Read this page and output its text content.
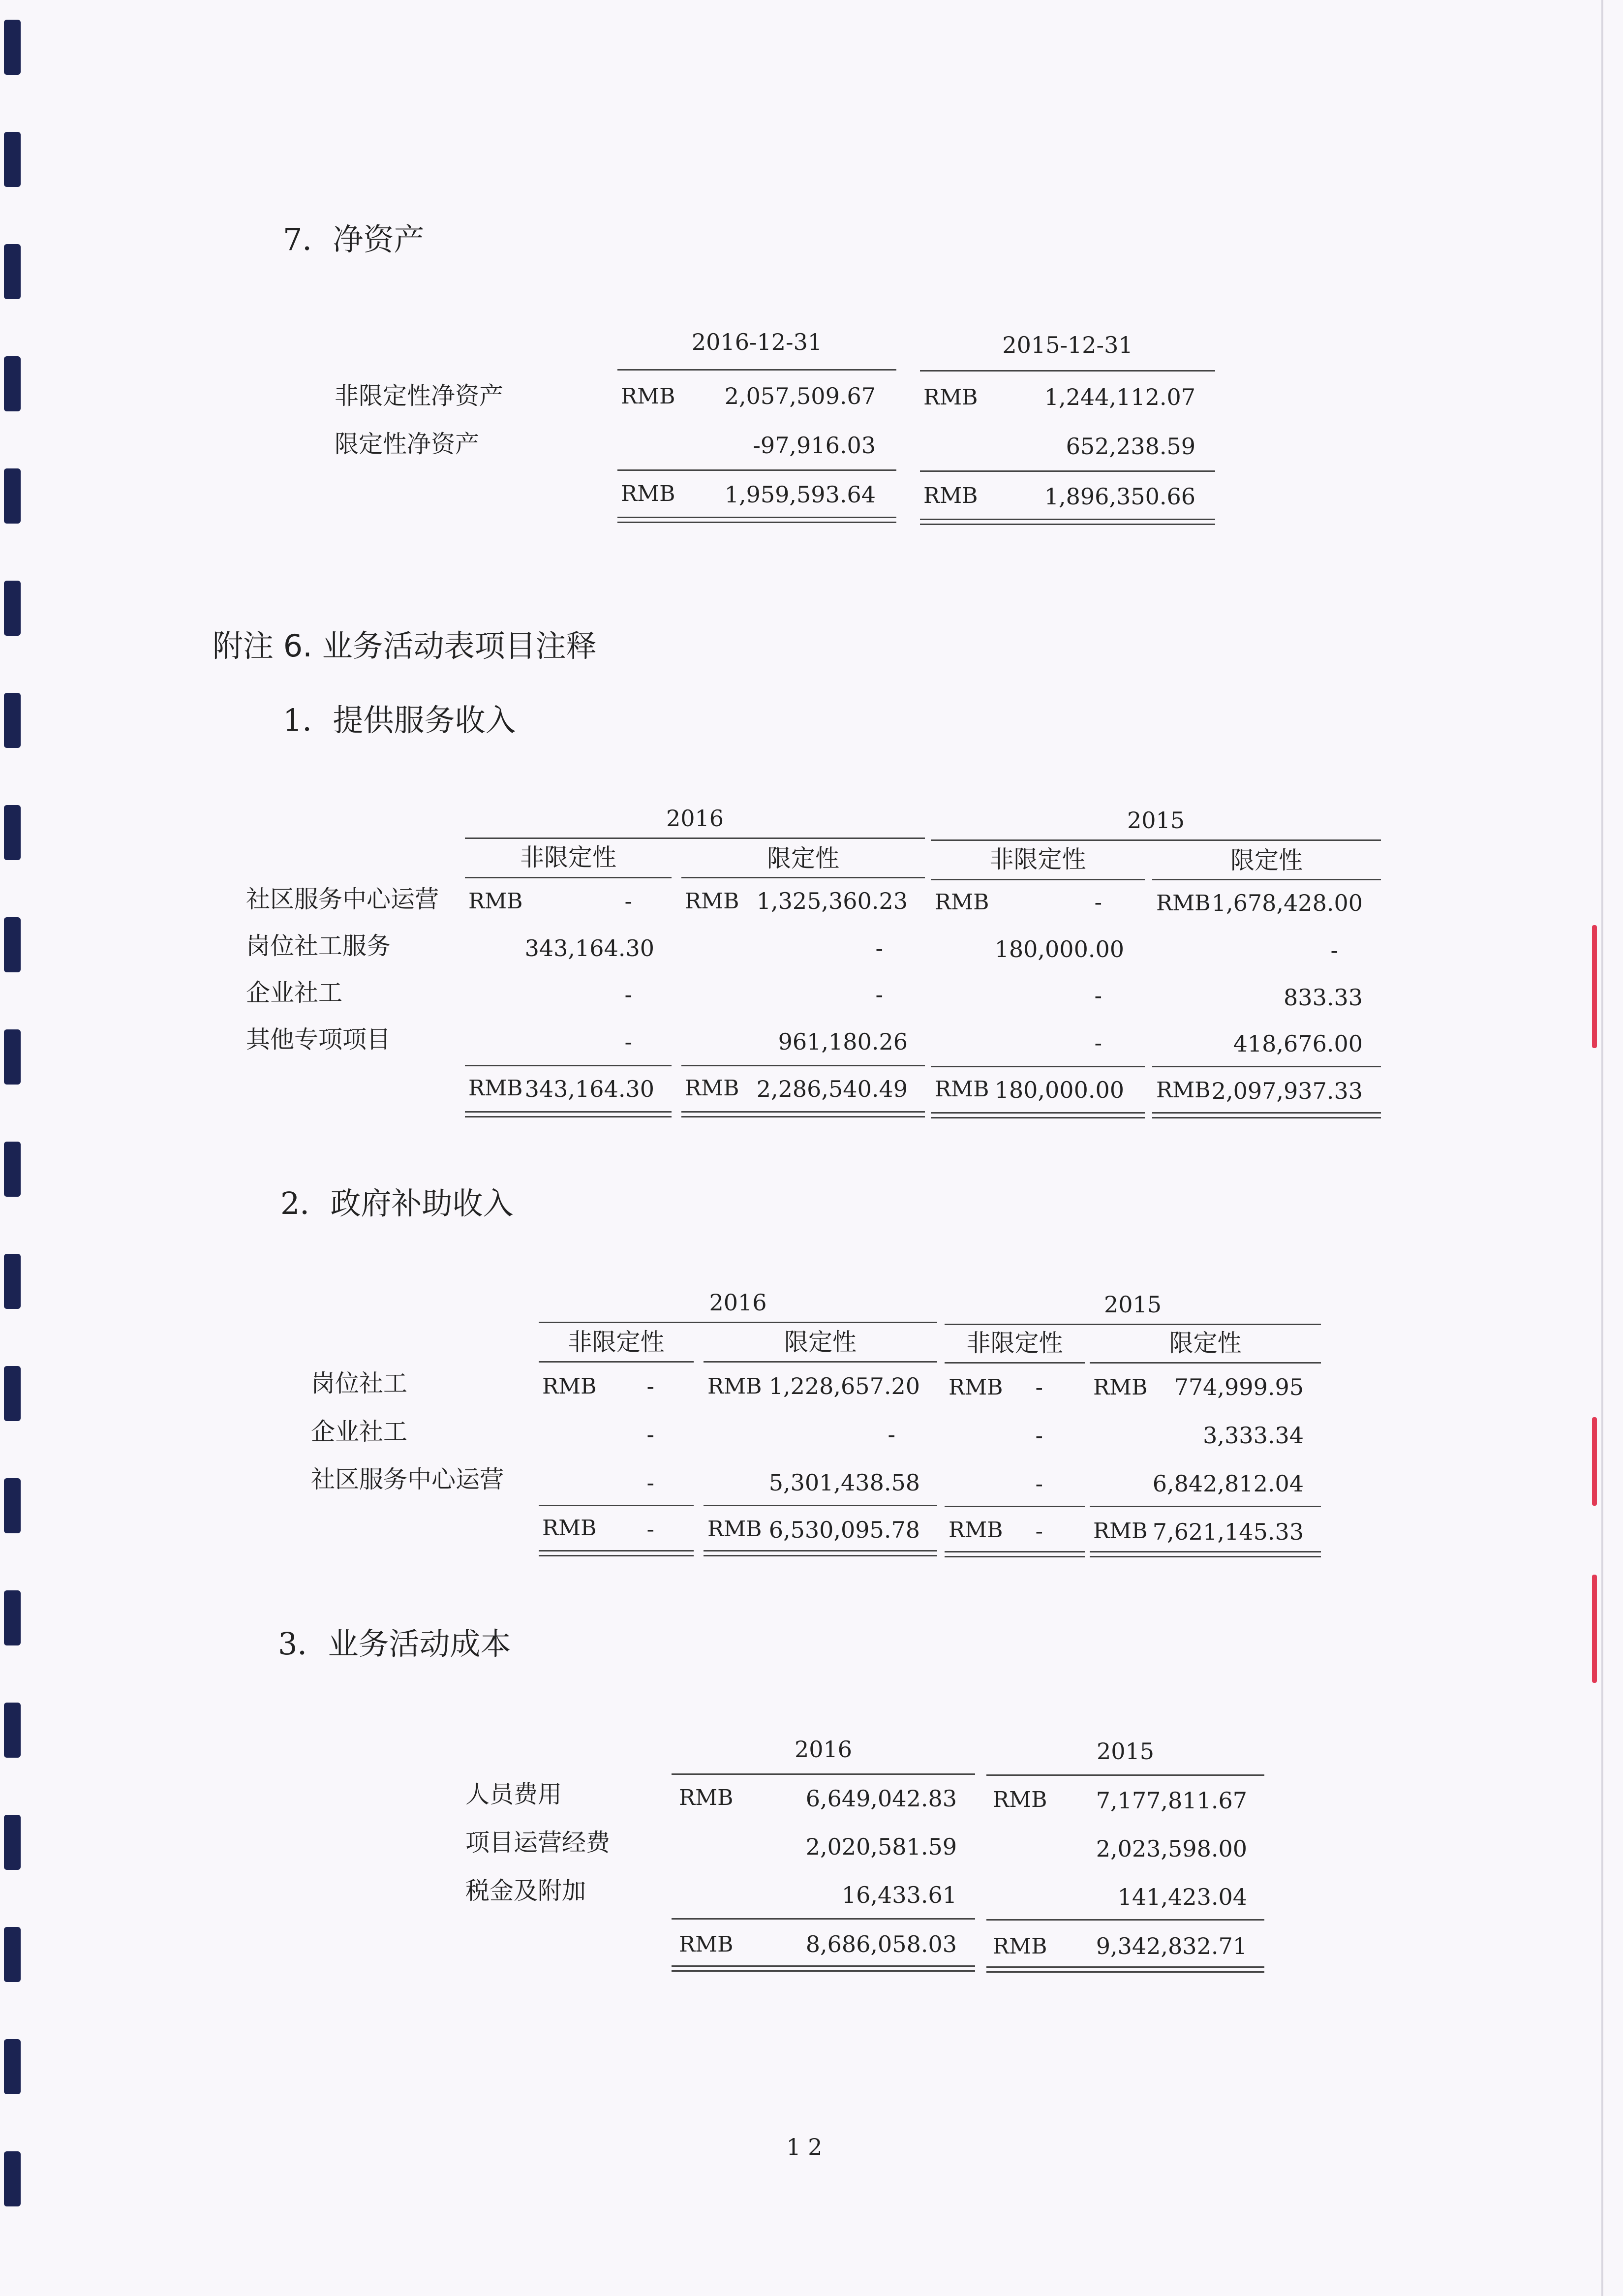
7．净资产
2016-12-31	2015-12-31
非限定性净资产	RMB	2,057,509.67 RMB	1,244,112.07
限定性净资产	-97,916.03	652,238.59
RMB	1,959,593.64 RMB	1,896,350.66
附注 6. 业务活动表项目注释
1．提供服务收入
2016	2015
非限定性	限定性	非限定性	限定性
社区服务中心运营 RMB	- RMB 1,325,360.23 RMB	-	RMB 1,678,428.00
岗位社工服务	343,164.30	-	180,000.00	-
企业社工	-	-	-	833.33
其他专项项目	-	961,180.26	-	418,676.00
RMB 343,164.30 RMB 2,286,540.49 RMB 180,000.00 RMB 2,097,937.33
2．政府补助收入
2016	2015
非限定性	限定性	非限定性	限定性
岗位社工	RMB	- RMB 1,228,657.20 RMB	- RMB	774,999.95
企业社工	-	-	-	3,333.34
社区服务中心运营	-	5,301,438.58	-	6,842,812.04
RMB	- RMB 6,530,095.78 RMB	- RMB 7,621,145.33
3．业务活动成本
2016	2015
人员费用	RMB	6,649,042.83 RMB	7,177,811.67
项目运营经费	2,020,581.59	2,023,598.00
税金及附加	16,433.61	141,423.04
RMB	8,686,058.03 RMB	9,342,832.71
1 2
